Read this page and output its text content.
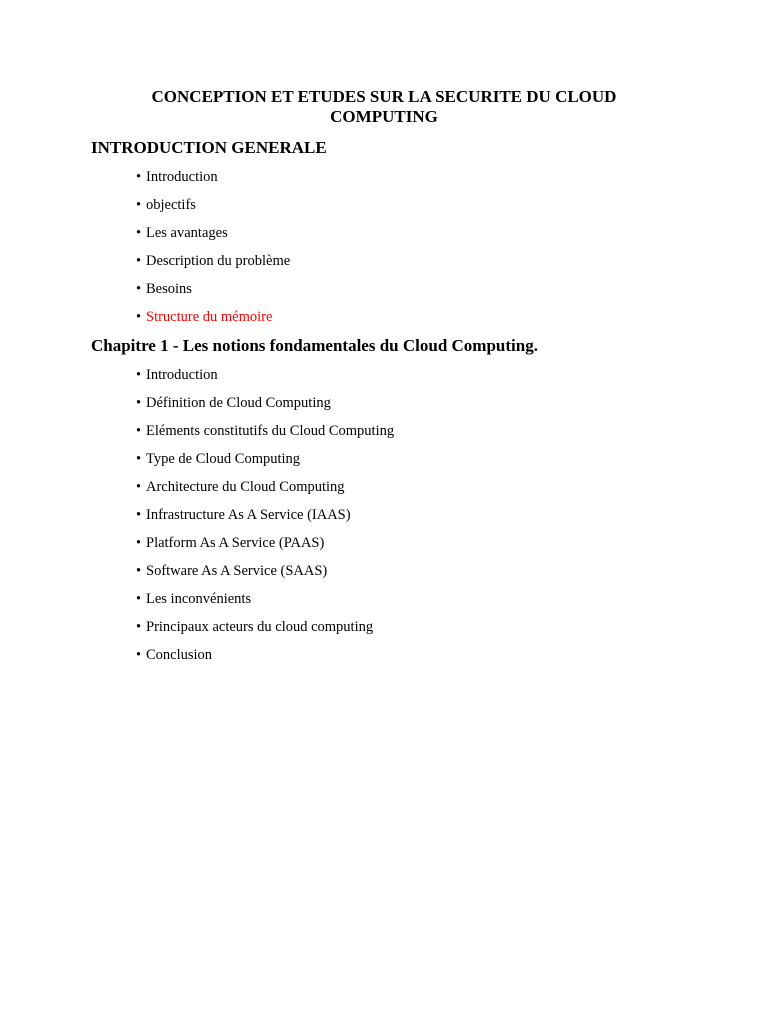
CONCEPTION ET ETUDES SUR LA SECURITE DU CLOUD
COMPUTING
INTRODUCTION GENERALE
• Introduction
• objectifs
• Les avantages
• Description du problème
• Besoins
• Structure du mémoire
Chapitre 1 - Les notions fondamentales du Cloud Computing.
• Introduction
• Définition de Cloud Computing
• Eléments constitutifs du Cloud Computing
• Type de Cloud Computing
• Architecture du Cloud Computing
• Infrastructure As A Service (IAAS)
• Platform As A Service (PAAS)
• Software As A Service (SAAS)
• Les inconvénients
• Principaux acteurs du cloud computing
• Conclusion
